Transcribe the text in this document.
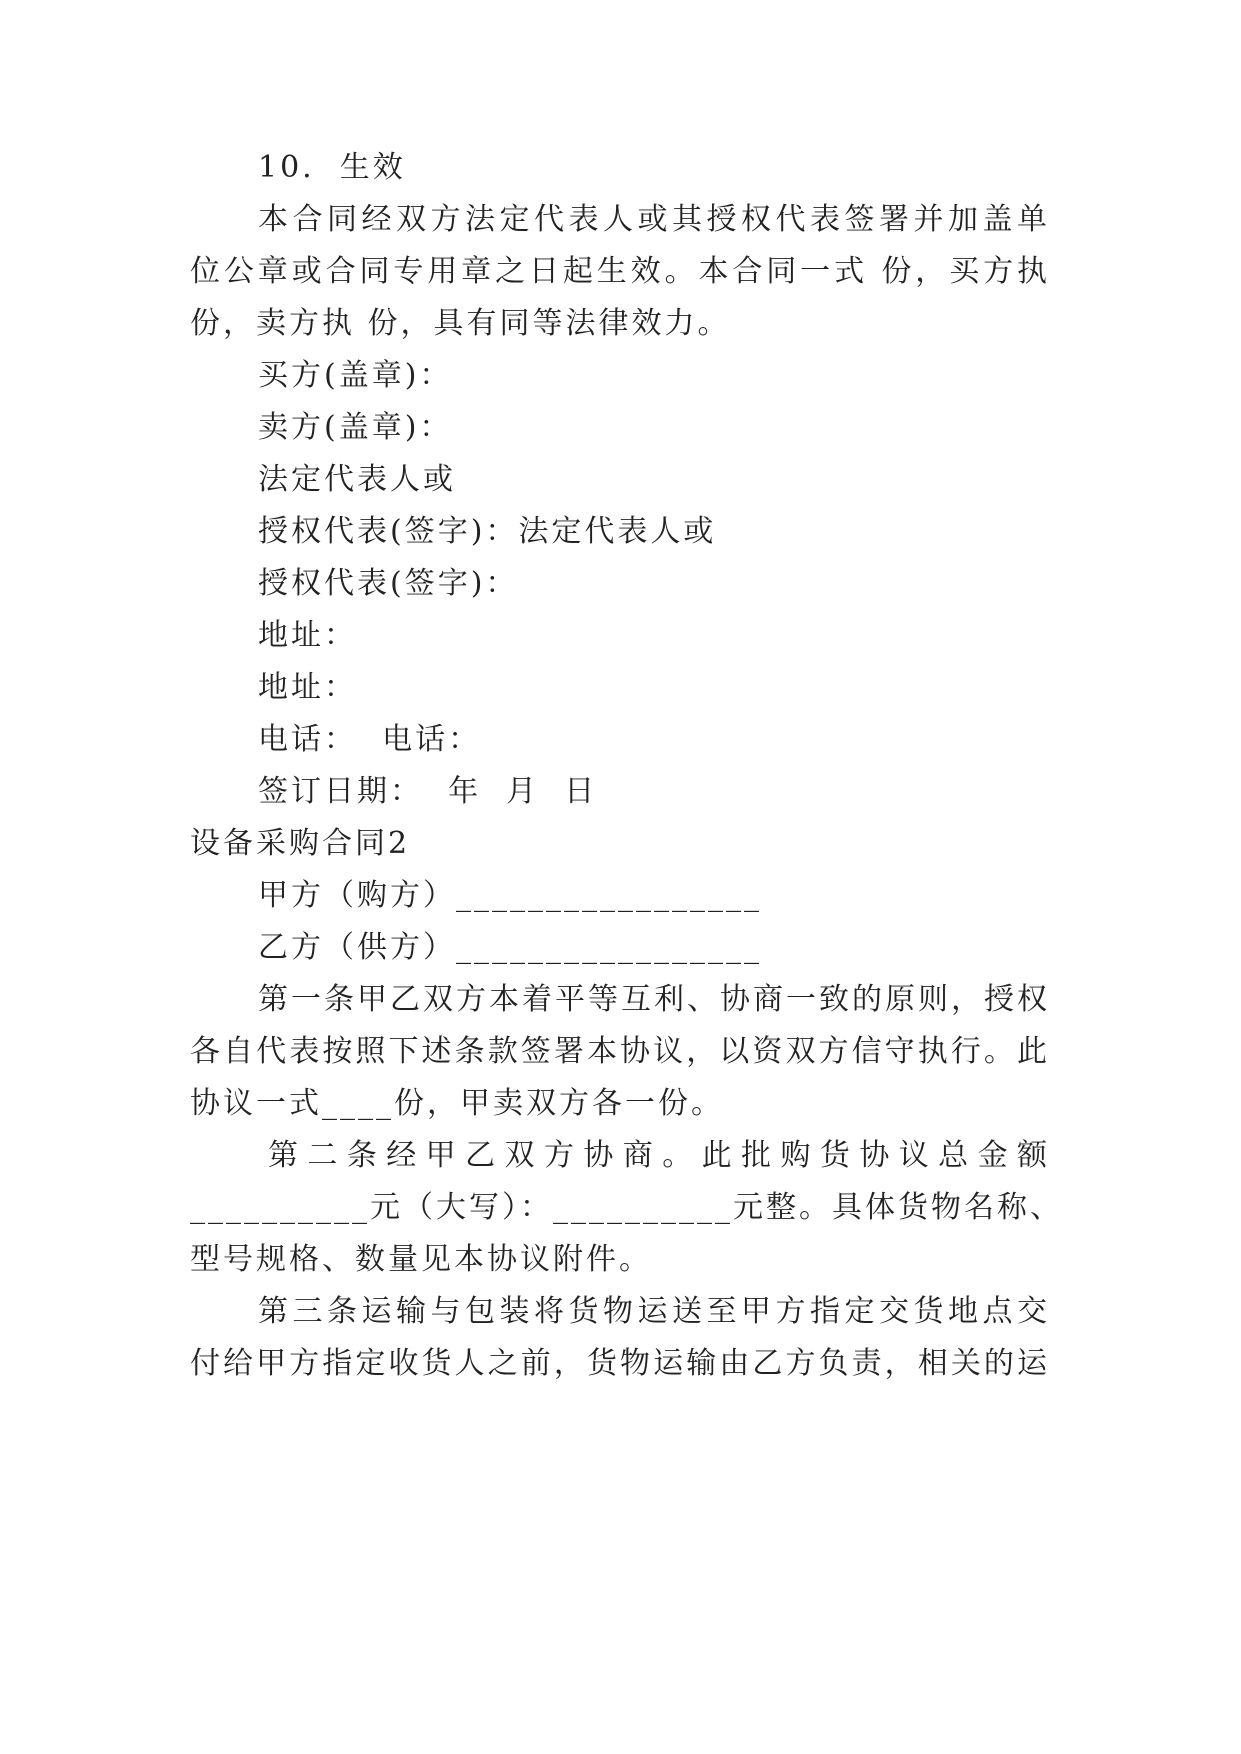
10.  生效
本合同经双方法定代表人或其授权代表签署并加盖单
位公章或合同专用章之日起生效。本合同一式 份，买方执
份，卖方执 份，具有同等法律效力。
买方(盖章)：
卖方(盖章)：
法定代表人或
授权代表(签字)：法定代表人或
授权代表(签字)：
地址：
地址：
电话：  电话：
签订日期：  年  月  日
设备采购合同2
甲方（购方）_________________
乙方（供方）_________________
第一条甲乙双方本着平等互利、协商一致的原则，授权
各自代表按照下述条款签署本协议，以资双方信守执行。此
协议一式____份，甲卖双方各一份。
第二条经甲乙双方协商。此批购货协议总金额
__________元（大写）：__________元整。具体货物名称、
型号规格、数量见本协议附件。
第三条运输与包装将货物运送至甲方指定交货地点交
付给甲方指定收货人之前，货物运输由乙方负责，相关的运
